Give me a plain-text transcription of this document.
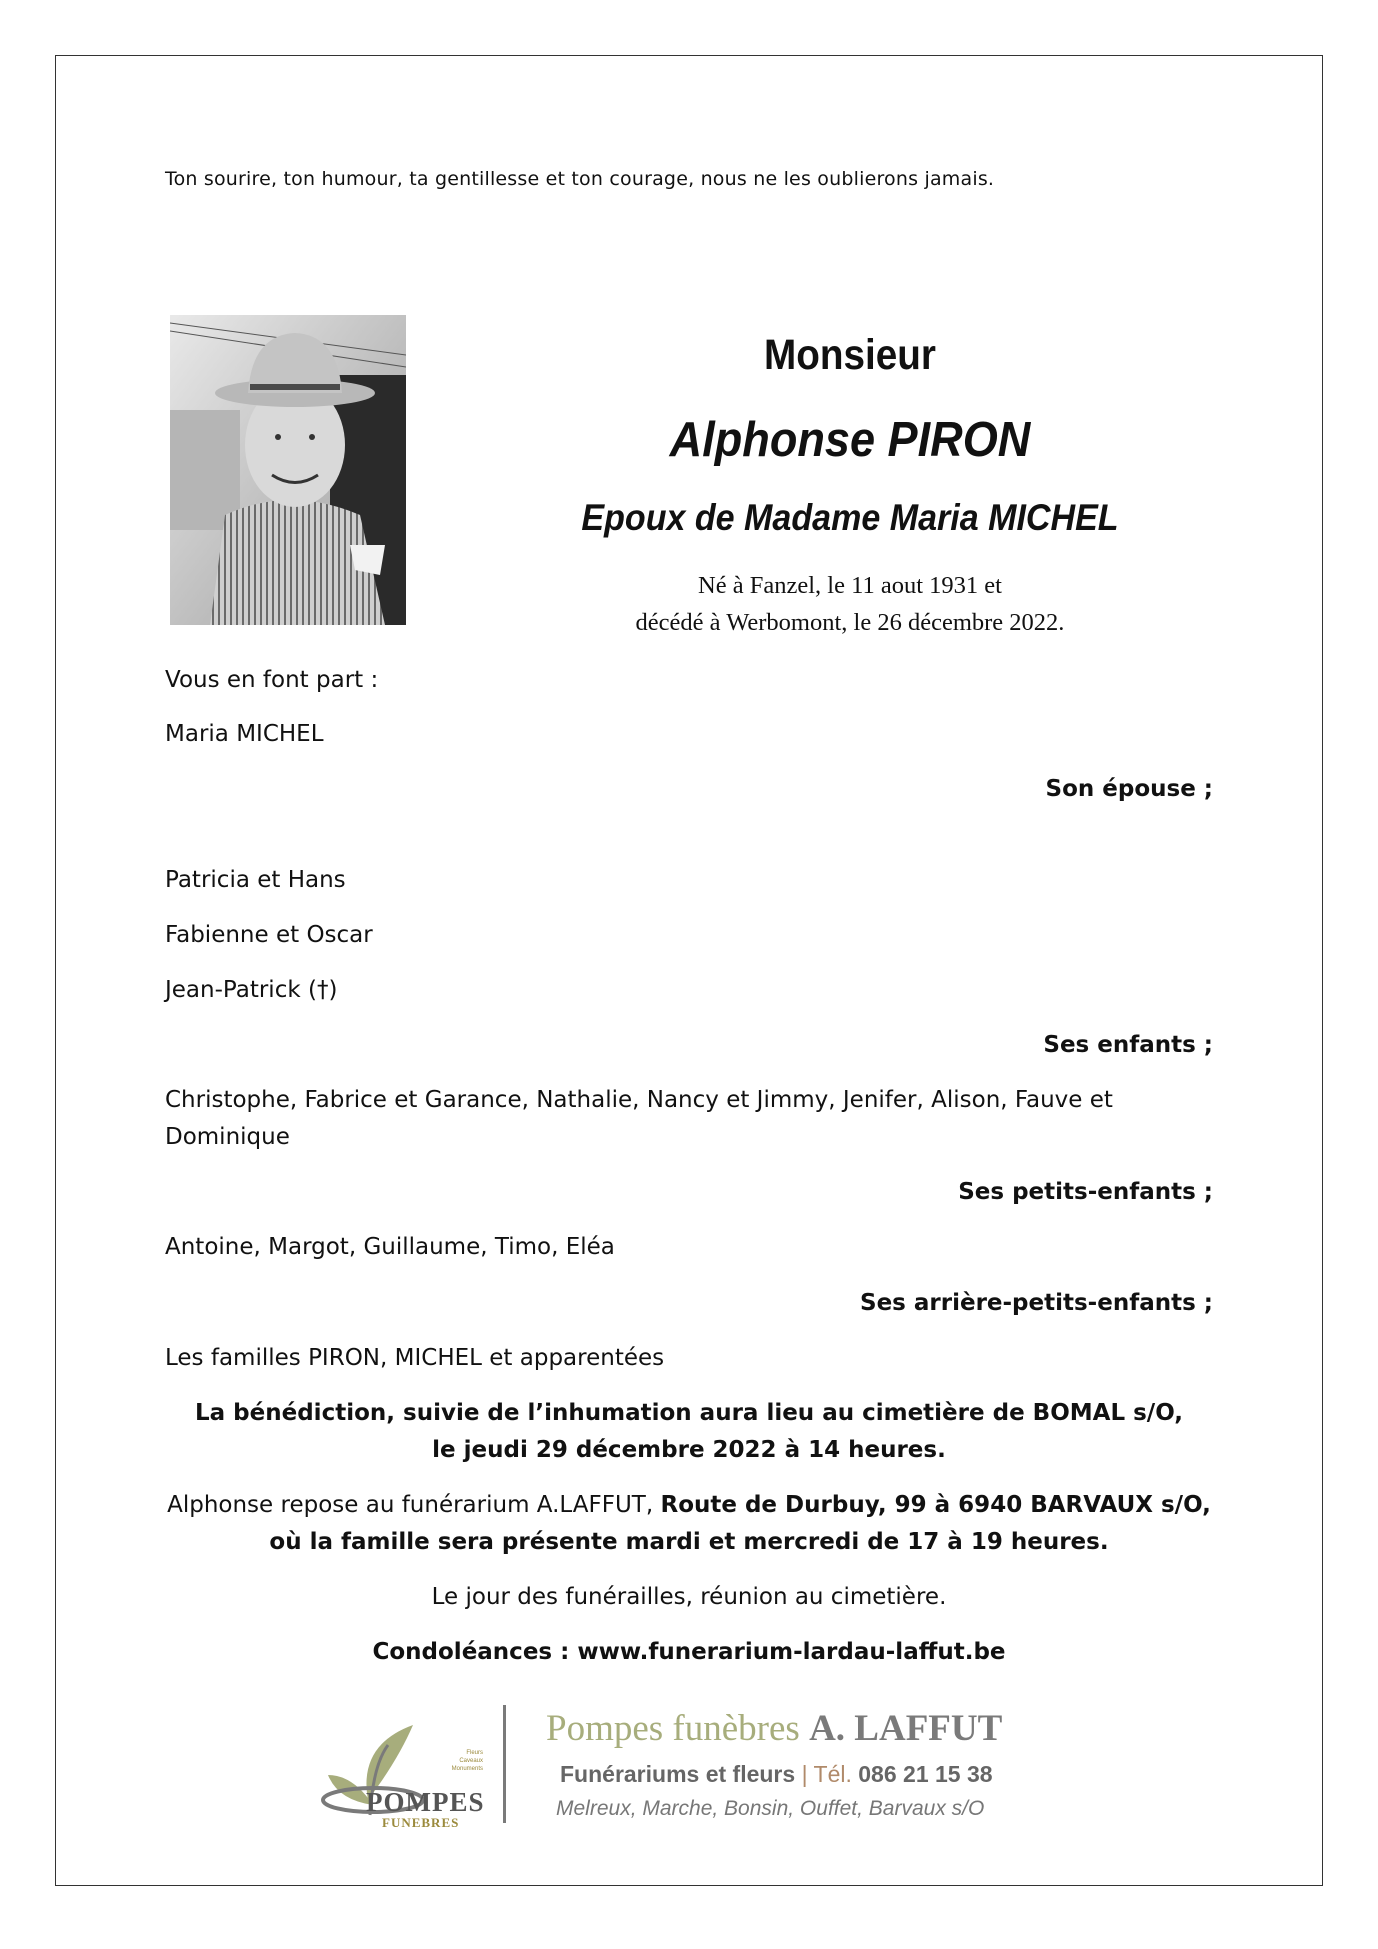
Ton sourire, ton humour, ta gentillesse et ton courage, nous ne les oublierons jamais.
Monsieur
Alphonse PIRON
Epoux de Madame Maria MICHEL
Né à Fanzel, le 11 aout 1931 et
décédé à Werbomont, le 26 décembre 2022.
Vous en font part :
Maria MICHEL
Son épouse ;
Patricia et Hans
Fabienne et Oscar
Jean-Patrick (†)
Ses enfants ;
Christophe, Fabrice et Garance, Nathalie, Nancy et Jimmy, Jenifer, Alison, Fauve et
Dominique
Ses petits-enfants ;
Antoine, Margot, Guillaume, Timo, Eléa
Ses arrière-petits-enfants ;
Les familles PIRON, MICHEL et apparentées
La bénédiction, suivie de l’inhumation aura lieu au cimetière de BOMAL s/O,
le jeudi 29 décembre 2022 à 14 heures.
Alphonse repose au funérarium A.LAFFUT, Route de Durbuy, 99 à 6940 BARVAUX s/O,
où la famille sera présente mardi et mercredi de 17 à 19 heures.
Le jour des funérailles, réunion au cimetière.
Condoléances : www.funerarium-lardau-laffut.be
POMPES
FUNEBRES
Fleurs
Caveaux
Monuments
Pompes funèbres A. LAFFUT
Funérariums et fleurs | Tél. 086 21 15 38
Melreux, Marche, Bonsin, Ouffet, Barvaux s/O
